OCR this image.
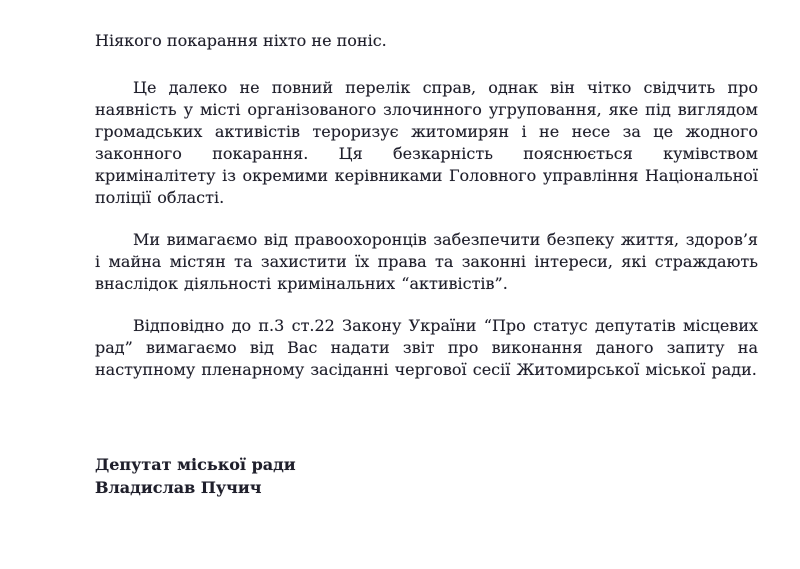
Ніякого покарання ніхто не поніс.

Це далеко не повний перелік справ, однак він чітко свідчить про наявність у місті організованого злочинного угруповання, яке під виглядом громадських активістів тероризує житомирян і не несе за це жодного законного покарання. Ця безкарність пояснюється кумівством криміналітету із окремими керівниками Головного управління Національної поліції області.

Ми вимагаємо від правоохоронців забезпечити безпеку життя, здоров’я і майна містян та захистити їх права та законні інтереси, які страждають внаслідок діяльності кримінальних “активістів”.

Відповідно до п.3 ст.22 Закону України “Про статус депутатів місцевих рад” вимагаємо від Вас надати звіт про виконання даного запиту на наступному пленарному засіданні чергової сесії Житомирської міської ради.

Депутат міської ради
Владислав Пучич
